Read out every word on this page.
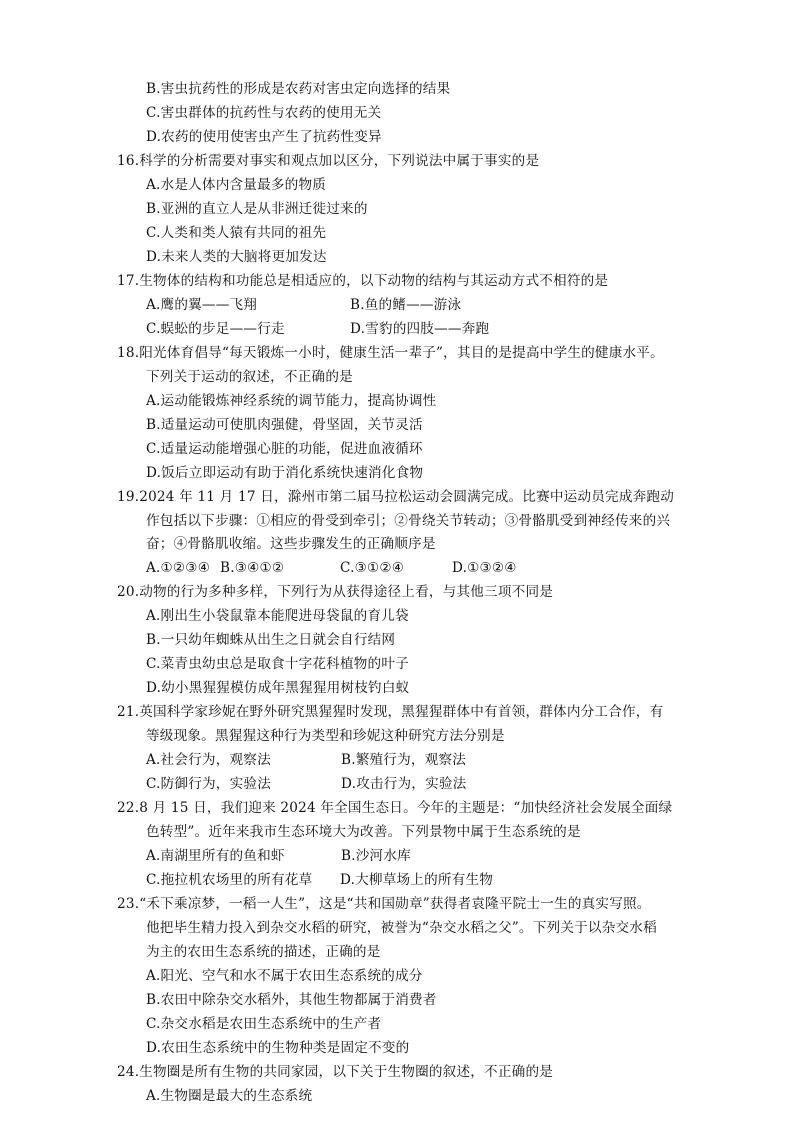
B.害虫抗药性的形成是农药对害虫定向选择的结果
C.害虫群体的抗药性与农药的使用无关
D.农药的使用使害虫产生了抗药性变异
16.科学的分析需要对事实和观点加以区分，下列说法中属于事实的是
A.水是人体内含量最多的物质
B.亚洲的直立人是从非洲迁徙过来的
C.人类和类人猿有共同的祖先
D.未来人类的大脑将更加发达
17.生物体的结构和功能总是相适应的，以下动物的结构与其运动方式不相符的是
A.鹰的翼——飞翔	B.鱼的鳍——游泳
C.蜈蚣的步足——行走	D.雪豹的四肢——奔跑
18.阳光体育倡导“每天锻炼一小时，健康生活一辈子”，其目的是提高中学生的健康水平。
下列关于运动的叙述，不正确的是
A.运动能锻炼神经系统的调节能力，提高协调性
B.适量运动可使肌肉强健，骨坚固，关节灵活
C.适量运动能增强心脏的功能，促进血液循环
D.饭后立即运动有助于消化系统快速消化食物
19.2024 年 11 月 17 日，滁州市第二届马拉松运动会圆满完成。比赛中运动员完成奔跑动
作包括以下步骤：①相应的骨受到牵引；②骨绕关节转动；③骨骼肌受到神经传来的兴
奋；④骨骼肌收缩。这些步骤发生的正确顺序是
A.①②③④ B.③④①②	C.③①②④	D.①③②④
20.动物的行为多种多样，下列行为从获得途径上看，与其他三项不同是
A.刚出生小袋鼠靠本能爬进母袋鼠的育儿袋
B.一只幼年蜘蛛从出生之日就会自行结网
C.菜青虫幼虫总是取食十字花科植物的叶子
D.幼小黑猩猩模仿成年黑猩猩用树枝钓白蚁
21.英国科学家珍妮在野外研究黑猩猩时发现，黑猩猩群体中有首领，群体内分工合作，有
等级现象。黑猩猩这种行为类型和珍妮这种研究方法分别是
A.社会行为，观察法	B.繁殖行为，观察法
C.防御行为，实验法	D.攻击行为，实验法
22.8 月 15 日，我们迎来 2024 年全国生态日。今年的主题是：“加快经济社会发展全面绿
色转型”。近年来我市生态环境大为改善。下列景物中属于生态系统的是
A.南湖里所有的鱼和虾	B.沙河水库
C.拖拉机农场里的所有花草 D.大柳草场上的所有生物
23.“禾下乘凉梦，一稻一人生”，这是“共和国勋章”获得者袁隆平院士一生的真实写照。
他把毕生精力投入到杂交水稻的研究，被誉为“杂交水稻之父”。下列关于以杂交水稻
为主的农田生态系统的描述，正确的是
A.阳光、空气和水不属于农田生态系统的成分
B.农田中除杂交水稻外，其他生物都属于消费者
C.杂交水稻是农田生态系统中的生产者
D.农田生态系统中的生物种类是固定不变的
24.生物圈是所有生物的共同家园，以下关于生物圈的叙述，不正确的是
A.生物圈是最大的生态系统
